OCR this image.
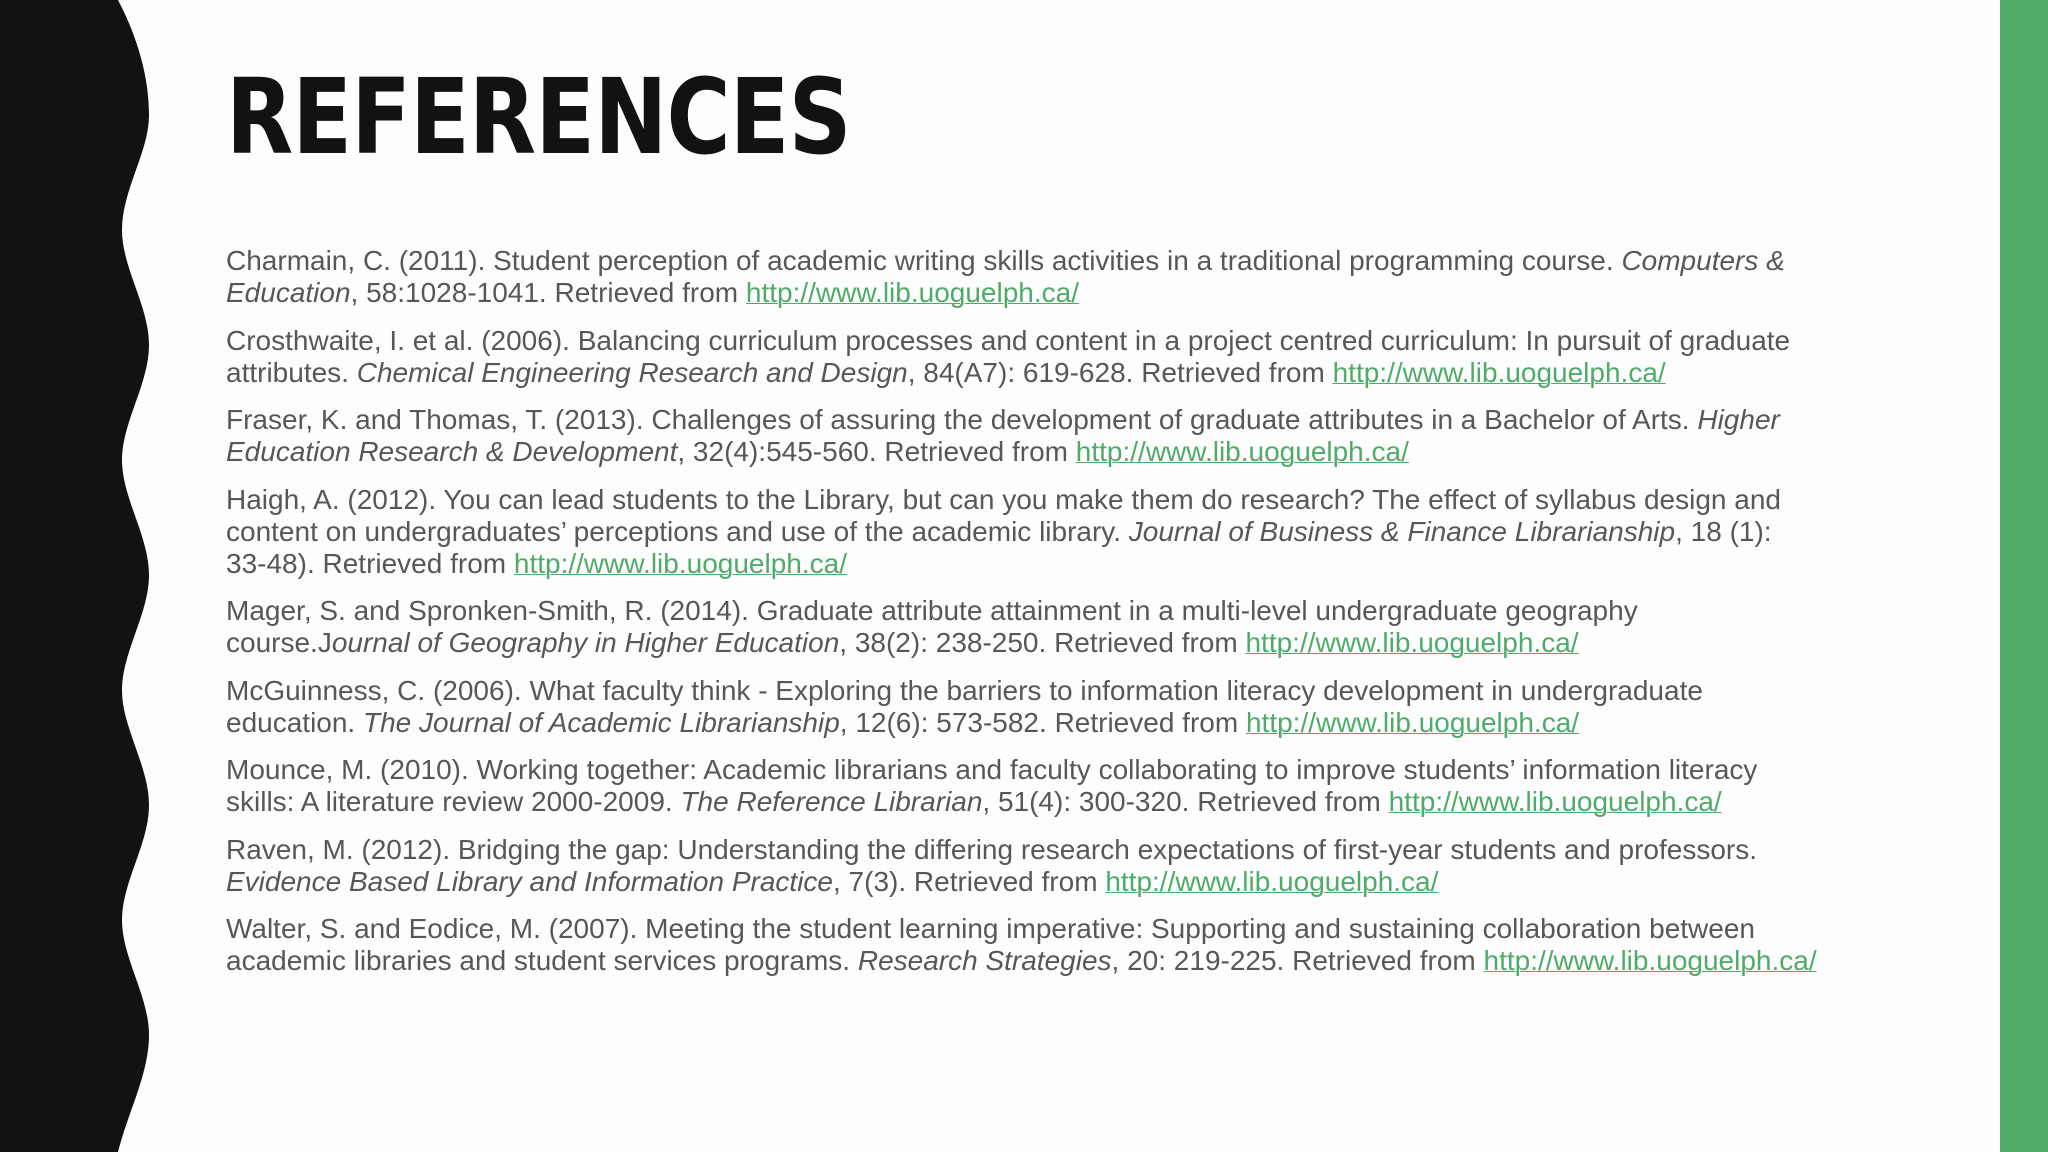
REFERENCES

Charmain, C. (2011). Student perception of academic writing skills activities in a traditional programming course. Computers &
Education, 58:1028-1041. Retrieved from http://www.lib.uoguelph.ca/

Crosthwaite, I. et al. (2006). Balancing curriculum processes and content in a project centred curriculum: In pursuit of graduate
attributes. Chemical Engineering Research and Design, 84(A7): 619-628. Retrieved from http://www.lib.uoguelph.ca/

Fraser, K. and Thomas, T. (2013). Challenges of assuring the development of graduate attributes in a Bachelor of Arts. Higher
Education Research & Development, 32(4):545-560. Retrieved from http://www.lib.uoguelph.ca/

Haigh, A. (2012). You can lead students to the Library, but can you make them do research? The effect of syllabus design and
content on undergraduates’ perceptions and use of the academic library. Journal of Business & Finance Librarianship, 18 (1):
33-48). Retrieved from http://www.lib.uoguelph.ca/

Mager, S. and Spronken-Smith, R. (2014). Graduate attribute attainment in a multi-level undergraduate geography
course.Journal of Geography in Higher Education, 38(2): 238-250. Retrieved from http://www.lib.uoguelph.ca/

McGuinness, C. (2006). What faculty think - Exploring the barriers to information literacy development in undergraduate
education. The Journal of Academic Librarianship, 12(6): 573-582. Retrieved from http://www.lib.uoguelph.ca/

Mounce, M. (2010). Working together: Academic librarians and faculty collaborating to improve students’ information literacy
skills: A literature review 2000-2009. The Reference Librarian, 51(4): 300-320. Retrieved from http://www.lib.uoguelph.ca/

Raven, M. (2012). Bridging the gap: Understanding the differing research expectations of first-year students and professors.
Evidence Based Library and Information Practice, 7(3). Retrieved from http://www.lib.uoguelph.ca/

Walter, S. and Eodice, M. (2007). Meeting the student learning imperative: Supporting and sustaining collaboration between
academic libraries and student services programs. Research Strategies, 20: 219-225. Retrieved from http://www.lib.uoguelph.ca/
